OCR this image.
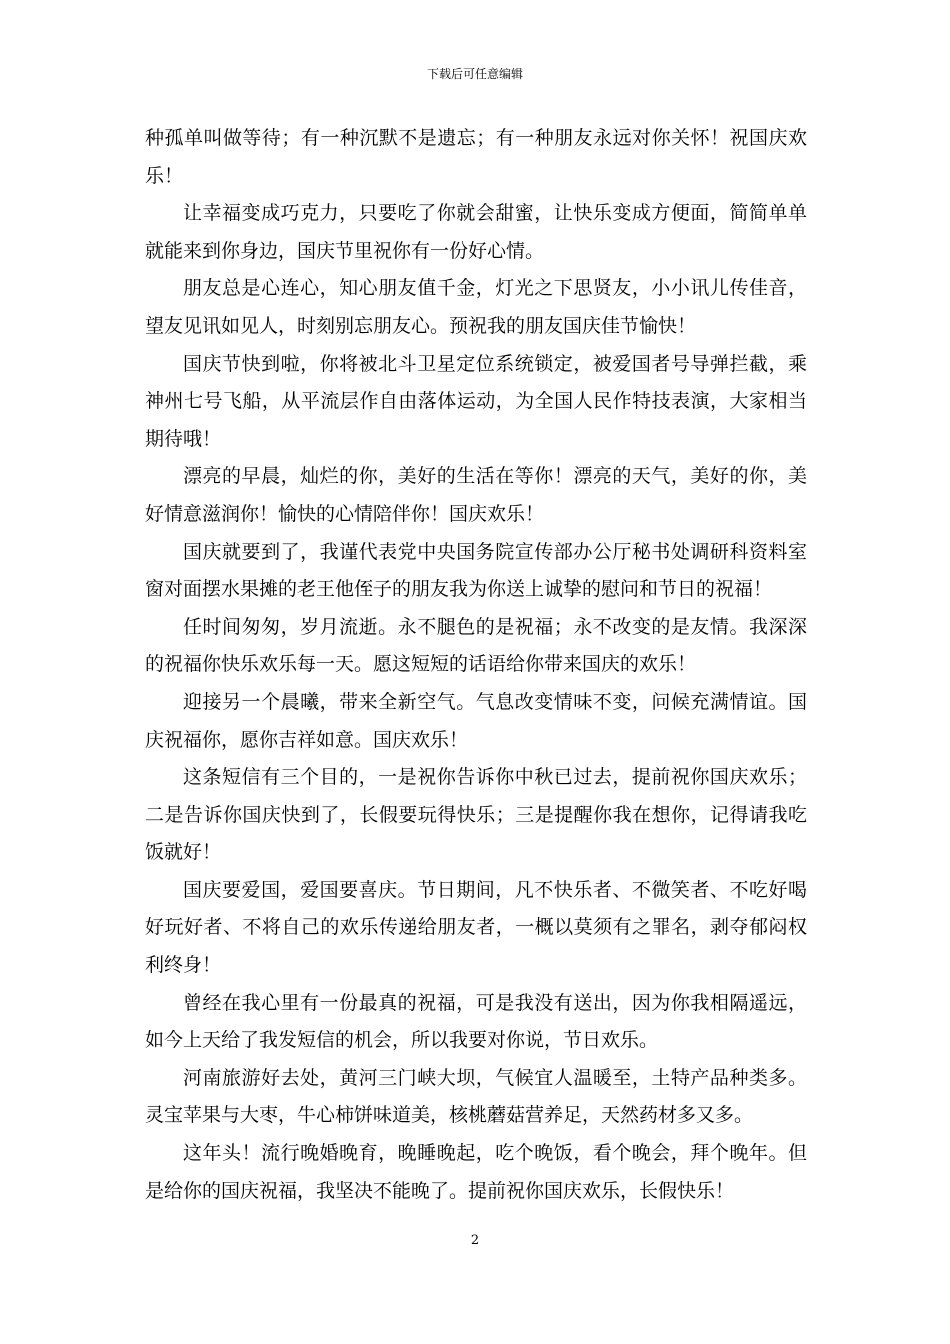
下载后可任意编辑

种孤单叫做等待；有一种沉默不是遗忘；有一种朋友永远对你关怀！祝国庆欢乐！

让幸福变成巧克力，只要吃了你就会甜蜜，让快乐变成方便面，简简单单就能来到你身边，国庆节里祝你有一份好心情。

朋友总是心连心，知心朋友值千金，灯光之下思贤友，小小讯儿传佳音，望友见讯如见人，时刻别忘朋友心。预祝我的朋友国庆佳节愉快！

国庆节快到啦，你将被北斗卫星定位系统锁定，被爱国者号导弹拦截，乘神州七号飞船，从平流层作自由落体运动，为全国人民作特技表演，大家相当期待哦！

漂亮的早晨，灿烂的你，美好的生活在等你！漂亮的天气，美好的你，美好情意滋润你！愉快的心情陪伴你！国庆欢乐！

国庆就要到了，我谨代表党中央国务院宣传部办公厅秘书处调研科资料室窗对面摆水果摊的老王他侄子的朋友我为你送上诚挚的慰问和节日的祝福！

任时间匆匆，岁月流逝。永不腿色的是祝福；永不改变的是友情。我深深的祝福你快乐欢乐每一天。愿这短短的话语给你带来国庆的欢乐！

迎接另一个晨曦，带来全新空气。气息改变情味不变，问候充满情谊。国庆祝福你，愿你吉祥如意。国庆欢乐！

这条短信有三个目的，一是祝你告诉你中秋已过去，提前祝你国庆欢乐；二是告诉你国庆快到了，长假要玩得快乐；三是提醒你我在想你，记得请我吃饭就好！

国庆要爱国，爱国要喜庆。节日期间，凡不快乐者、不微笑者、不吃好喝好玩好者、不将自己的欢乐传递给朋友者，一概以莫须有之罪名，剥夺郁闷权利终身！

曾经在我心里有一份最真的祝福，可是我没有送出，因为你我相隔遥远，如今上天给了我发短信的机会，所以我要对你说，节日欢乐。

河南旅游好去处，黄河三门峡大坝，气候宜人温暖至，土特产品种类多。灵宝苹果与大枣，牛心柿饼味道美，核桃蘑菇营养足，天然药材多又多。

这年头！流行晚婚晚育，晚睡晚起，吃个晚饭，看个晚会，拜个晚年。但是给你的国庆祝福，我坚决不能晚了。提前祝你国庆欢乐，长假快乐！

2
